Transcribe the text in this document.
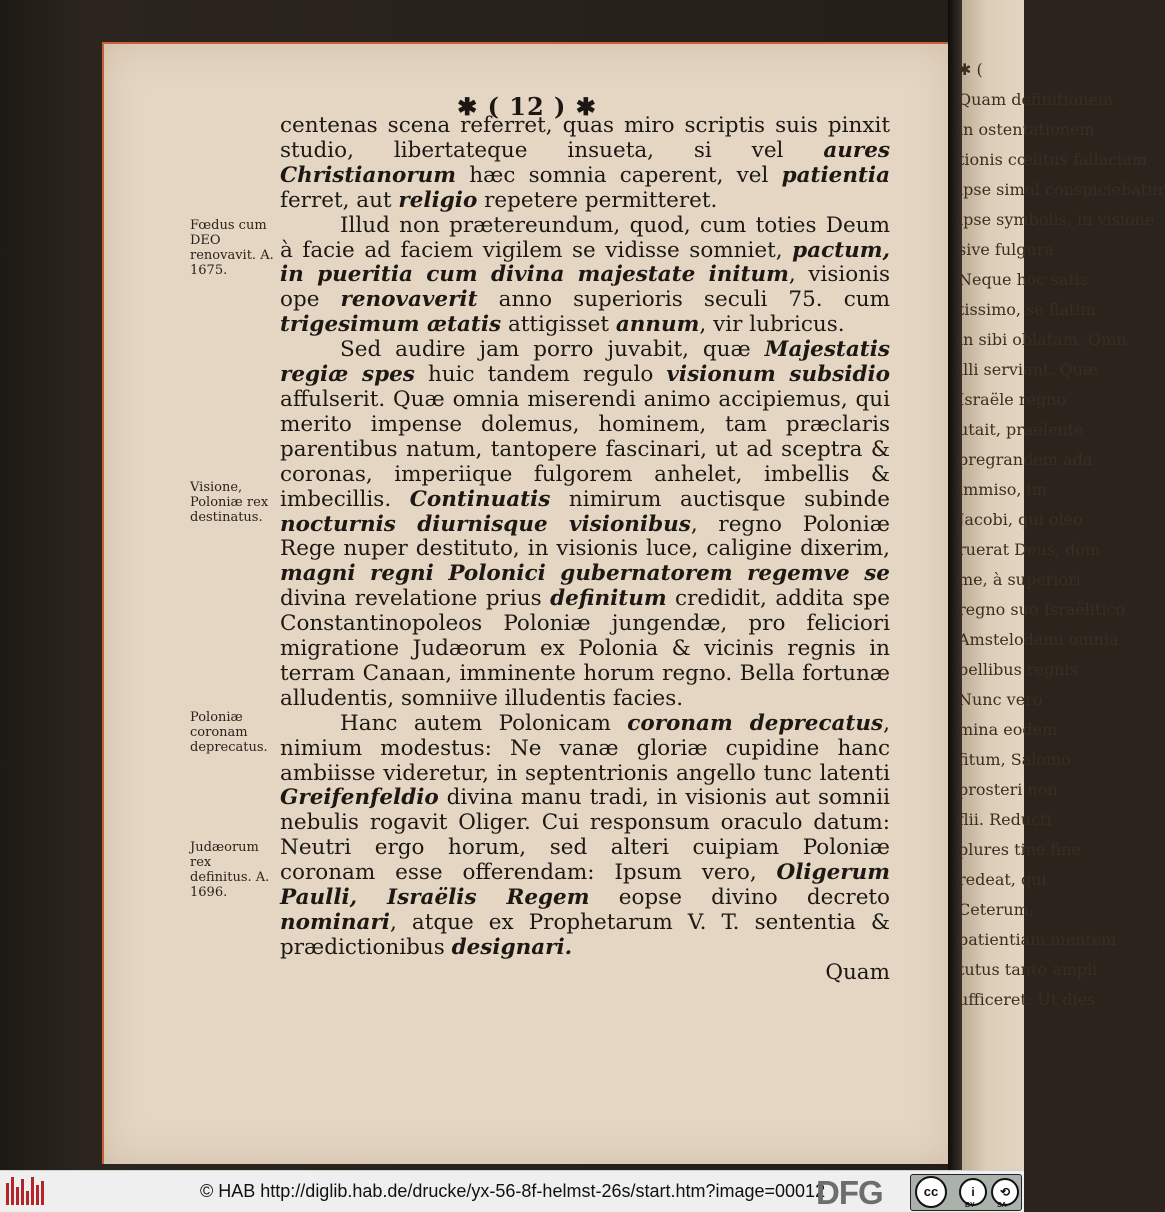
✱ ( 12 ) ✱
Fœdus cum DEO renovavit. A. 1675.
Visione, Poloniæ rex destinatus.
Poloniæ coronam deprecatus.
Judæorum rex definitus. A. 1696.

centenas scena referret, quas miro scriptis suis pinxit studio, libertateque insueta, si vel aures Christianorum hæc somnia caperent, vel patientia ferret, aut religio repetere permitteret.

Illud non prætereundum, quod, cum toties Deum à facie ad faciem vigilem se vidisse somniet, pactum, in pueritia cum divina majestate initum, visionis ope renovaverit anno superioris seculi 75. cum trigesimum ætatis attigisset annum, vir lubricus.

Sed audire jam porro juvabit, quæ Majestatis regiæ spes huic tandem regulo visionum subsidio affulserit. Quæ omnia miserendi animo accipiemus, qui merito impense dolemus, hominem, tam præclaris parentibus natum, tantopere fascinari, ut ad sceptra & coronas, imperiique fulgorem anhelet, imbellis & imbecillis. Continuatis nimirum auctisque subinde nocturnis diurnisque visionibus, regno Poloniæ Rege nuper destituto, in visionis luce, caligine dixerim, magni regni Polonici gubernatorem regemve se divina revelatione prius definitum credidit, addita spe Constantinopoleos Poloniæ jungendæ, pro feliciori migratione Judæorum ex Polonia & vicinis regnis in terram Canaan, imminente horum regno. Bella fortunæ alludentis, somniive illudentis facies.

Hanc autem Polonicam coronam deprecatus, nimium modestus: Ne vanæ gloriæ cupidine hanc ambiisse videretur, in septentrionis angello tunc latenti Greifenfeldio divina manu tradi, in visionis aut somnii nebulis rogavit Oliger. Cui responsum oraculo datum: Neutri ergo horum, sed alteri cuipiam Poloniæ coronam esse offerendam: Ipsum vero, Oligerum Paulli, Israëlis Regem eopse divino decreto nominari, atque ex Prophetarum V. T. sententia & prædictionibus designari.

Quam

✱ (
Quam definitionem
in ostentationem
tionis cœlitus fallaciam
ipse simul conspiciebatur
ipse symbolis, in visione
sive fulgura
Neque hoc satis
tissimo, se flatim
in sibi oblatam. Omn
illi serviant. Quæ
Israële regno
utait, praelente
pregrandem ada
immiso, im
Jacobi, qui oleo
ruerat Deus, dom
me, à superiori
regno suo Israëlitico
Amstelodami omnia
bellibus regnis
Nunc vero
mina eodem
fitum, Salomo
prosteri non
flii. Reducti
plures tine fine
redeat, qui
Ceterum,
patientiam mentem
tutus tanto ampli
ufficeret: Ut dies
© HAB http://diglib.hab.de/drucke/yx-56-8f-helmst-26s/start.htm?image=00012
DFG	cc	i	⟲
BY	SA
